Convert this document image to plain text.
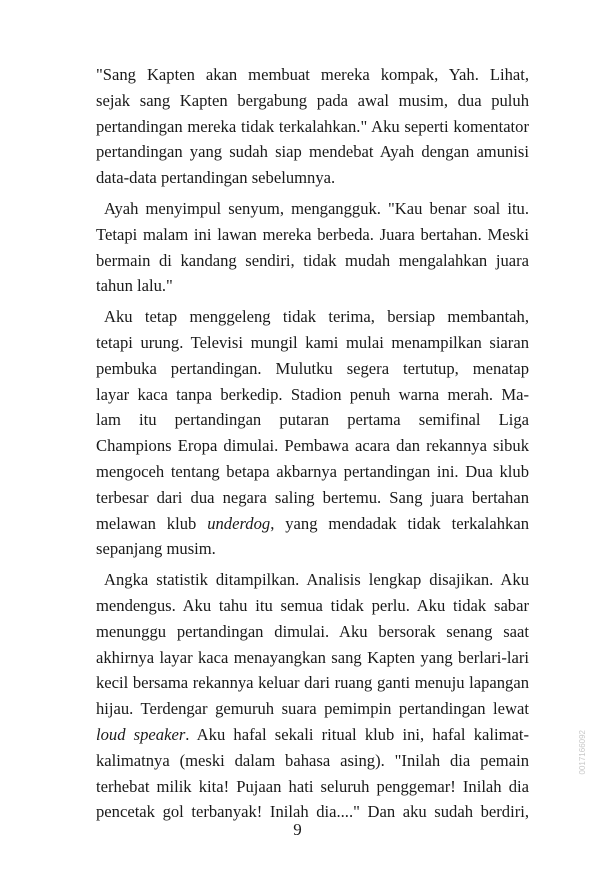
"Sang Kapten akan membuat mereka kompak, Yah. Lihat,
sejak sang Kapten bergabung pada awal musim, dua puluh
pertandingan mereka tidak terkalahkan." Aku seperti komentator
pertandingan yang sudah siap mendebat Ayah dengan amunisi
data-data pertandingan sebelumnya.
Ayah menyimpul senyum, mengangguk. "Kau benar soal itu.
Tetapi malam ini lawan mereka berbeda. Juara bertahan. Meski
bermain di kandang sendiri, tidak mudah mengalahkan juara
tahun lalu."
Aku tetap menggeleng tidak terima, bersiap membantah,
tetapi urung. Televisi mungil kami mulai menampilkan siaran
pembuka pertandingan. Mulutku segera tertutup, menatap
layar kaca tanpa berkedip. Stadion penuh warna merah. Ma-
lam itu pertandingan putaran pertama semifinal Liga
Champions Eropa dimulai. Pembawa acara dan rekannya sibuk
mengoceh tentang betapa akbarnya pertandingan ini. Dua klub
terbesar dari dua negara saling bertemu. Sang juara bertahan
melawan klub underdog, yang mendadak tidak terkalahkan
sepanjang musim.
Angka statistik ditampilkan. Analisis lengkap disajikan. Aku
mendengus. Aku tahu itu semua tidak perlu. Aku tidak sabar
menunggu pertandingan dimulai. Aku bersorak senang saat
akhirnya layar kaca menayangkan sang Kapten yang berlari-lari
kecil bersama rekannya keluar dari ruang ganti menuju lapangan
hijau. Terdengar gemuruh suara pemimpin pertandingan lewat
loud speaker. Aku hafal sekali ritual klub ini, hafal kalimat-
kalimatnya (meski dalam bahasa asing). "Inilah dia pemain
terhebat milik kita! Pujaan hati seluruh penggemar! Inilah dia
pencetak gol terbanyak! Inilah dia...." Dan aku sudah berdiri,
9
0017166092
